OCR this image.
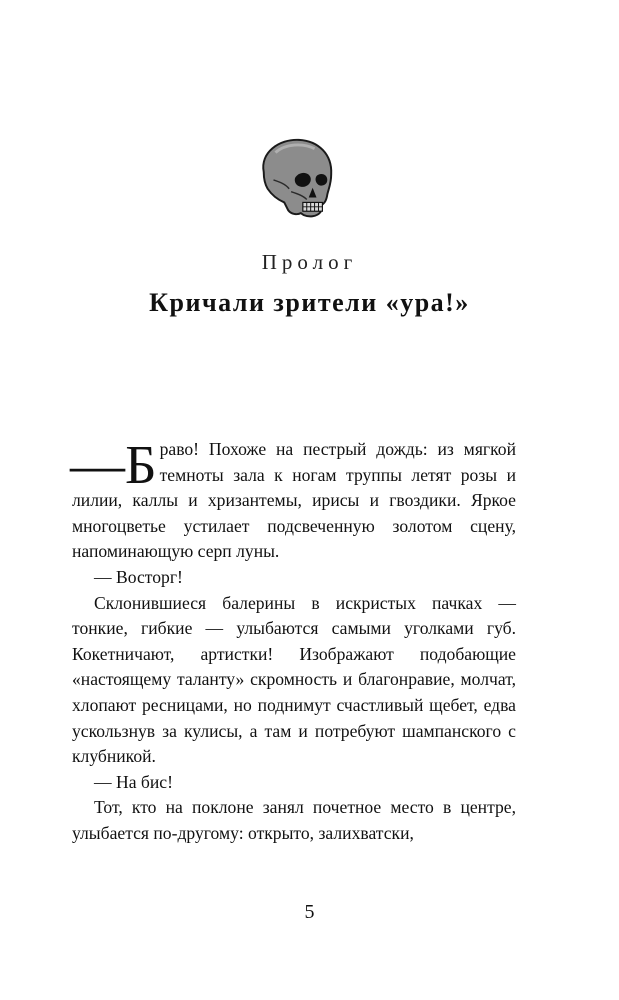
Пролог
Кричали зрители «ура!»

—Б раво! Похоже на пестрый дождь: из мягкой темноты зала к ногам труппы летят розы и лилии, каллы и хризантемы, ирисы и гвоздики. Яркое многоцветье устилает подсвеченную золотом сцену, напоминающую серп луны.

— Восторг!

Склонившиеся балерины в искристых пачках — тонкие, гибкие — улыбаются самыми уголками губ. Кокетничают, артистки! Изображают подобающие «настоящему таланту» скромность и благонравие, молчат, хлопают ресницами, но поднимут счастливый щебет, едва ускользнув за кулисы, а там и потребуют шампанского с клубникой.

— На бис!

Тот, кто на поклоне занял почетное место в центре, улыбается по-другому: открыто, залихватски,

5
